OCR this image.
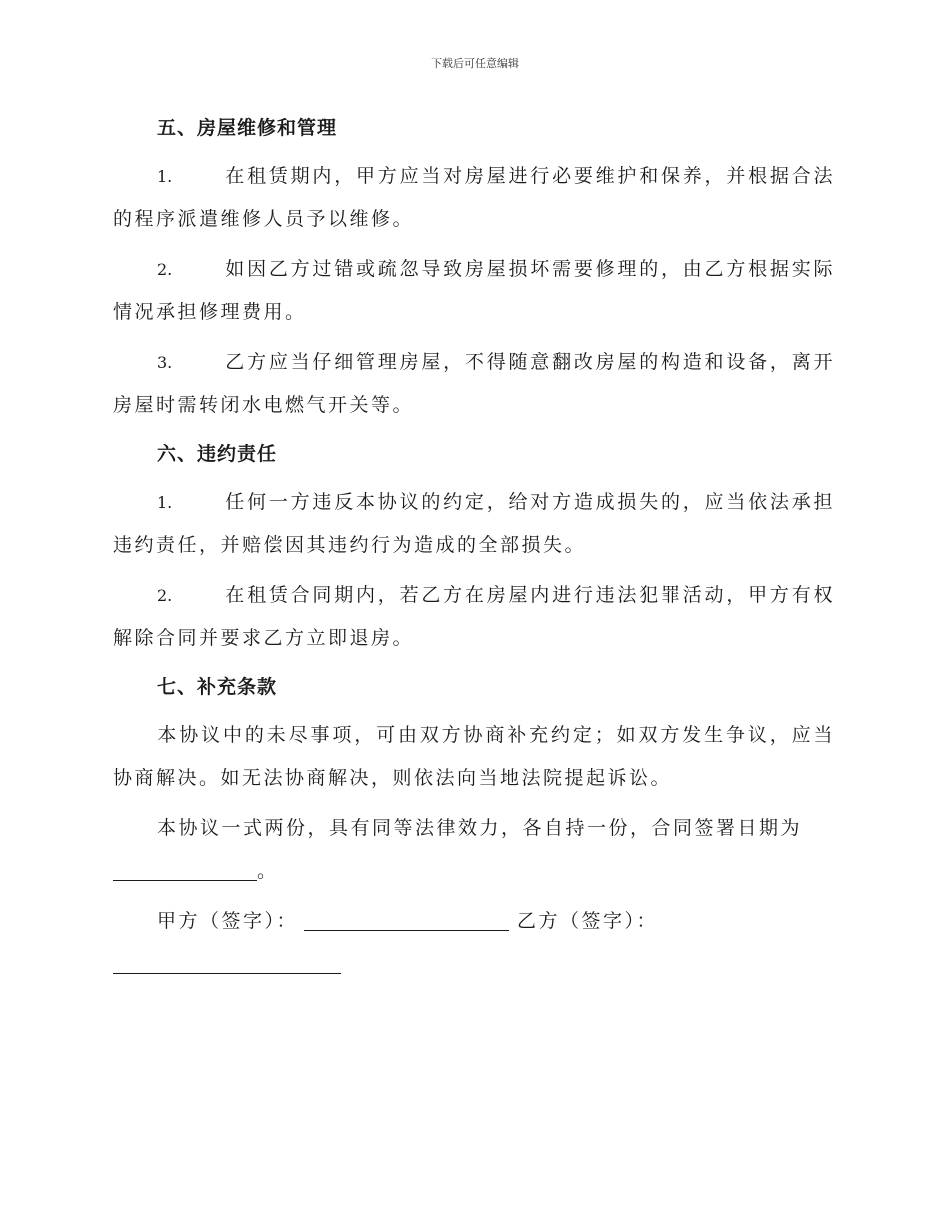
下载后可任意编辑
五、房屋维修和管理
1.	在租赁期内，甲方应当对房屋进行必要维护和保养，并根据合法的程序派遣维修人员予以维修。
2.	如因乙方过错或疏忽导致房屋损坏需要修理的，由乙方根据实际情况承担修理费用。
3.	乙方应当仔细管理房屋，不得随意翻改房屋的构造和设备，离开房屋时需转闭水电燃气开关等。
六、违约责任
1.	任何一方违反本协议的约定，给对方造成损失的，应当依法承担违约责任，并赔偿因其违约行为造成的全部损失。
2.	在租赁合同期内，若乙方在房屋内进行违法犯罪活动，甲方有权解除合同并要求乙方立即退房。
七、补充条款
本协议中的未尽事项，可由双方协商补充约定；如双方发生争议，应当协商解决。如无法协商解决，则依法向当地法院提起诉讼。
本协议一式两份，具有同等法律效力，各自持一份，合同签署日期为
。
甲方（签字）：	乙方（签字）：
